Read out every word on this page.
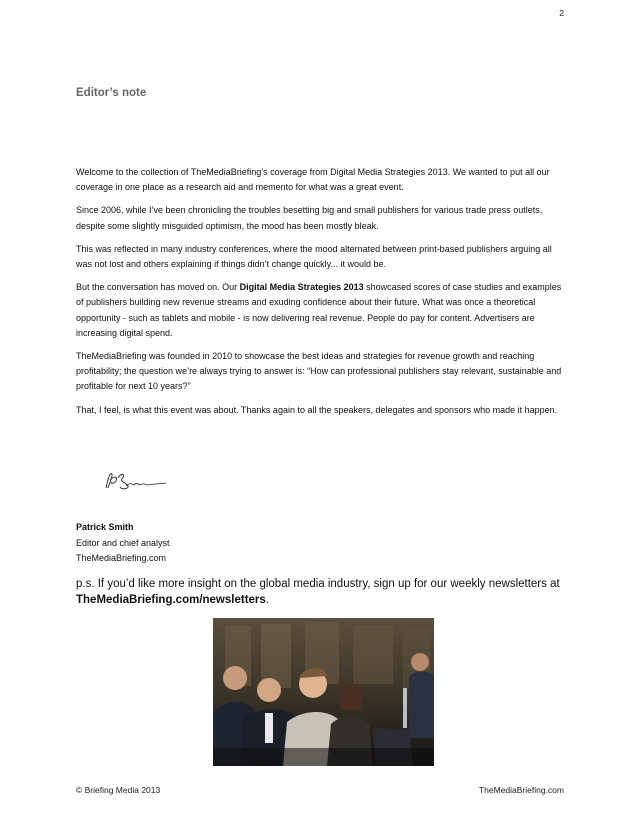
2
Editor’s note

Welcome to the collection of TheMediaBriefing’s coverage from Digital Media Strategies 2013. We wanted to put all our coverage in one place as a research aid and memento for what was a great event.

Since 2006, while I’ve been chronicling the troubles besetting big and small publishers for various trade press outlets, despite some slightly misguided optimism, the mood has been mostly bleak.

This was reflected in many industry conferences, where the mood alternated between print-based publishers arguing all was not lost and others explaining if things didn’t change quickly... it would be.

But the conversation has moved on. Our Digital Media Strategies 2013 showcased scores of case studies and examples of publishers building new revenue streams and exuding confidence about their future. What was once a theoretical opportunity - such as tablets and mobile - is now delivering real revenue. People do pay for content. Advertisers are increasing digital spend.

TheMediaBriefing was founded in 2010 to showcase the best ideas and strategies for revenue growth and reaching profitability; the question we’re always trying to answer is: “How can professional publishers stay relevant, sustainable and profitable for next 10 years?”

That, I feel, is what this event was about. Thanks again to all the speakers, delegates and sponsors who made it happen.

Patrick Smith
Editor and chief analyst
TheMediaBriefing.com
p.s. If you’d like more insight on the global media industry, sign up for our weekly newsletters at TheMediaBriefing.com/newsletters.
© Briefing Media 2013	TheMediaBriefing.com
